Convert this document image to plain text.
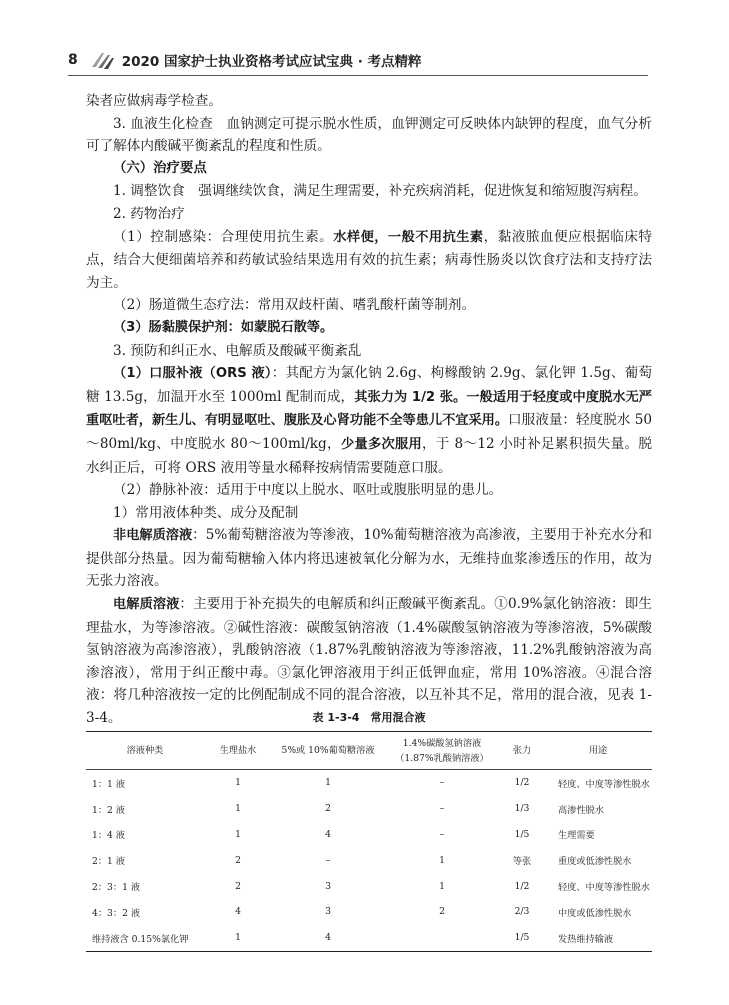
8	2020 国家护士执业资格考试应试宝典 · 考点精粹

染者应做病毒学检查。

3. 血液生化检查　血钠测定可提示脱水性质，血钾测定可反映体内缺钾的程度，血气分析可了解体内酸碱平衡紊乱的程度和性质。

（六）治疗要点

1. 调整饮食　强调继续饮食，满足生理需要，补充疾病消耗，促进恢复和缩短腹泻病程。

2. 药物治疗

（1）控制感染：合理使用抗生素。水样便，一般不用抗生素，黏液脓血便应根据临床特点，结合大便细菌培养和药敏试验结果选用有效的抗生素；病毒性肠炎以饮食疗法和支持疗法为主。

（2）肠道微生态疗法：常用双歧杆菌、嗜乳酸杆菌等制剂。

（3）肠黏膜保护剂：如蒙脱石散等。

3. 预防和纠正水、电解质及酸碱平衡紊乱

（1）口服补液（ORS 液）：其配方为氯化钠 2.6g、枸橼酸钠 2.9g、氯化钾 1.5g、葡萄糖 13.5g，加温开水至 1000ml 配制而成，其张力为 1/2 张。一般适用于轻度或中度脱水无严重呕吐者，新生儿、有明显呕吐、腹胀及心肾功能不全等患儿不宜采用。口服液量：轻度脱水 50～80ml/kg、中度脱水 80～100ml/kg，少量多次服用，于 8～12 小时补足累积损失量。脱水纠正后，可将 ORS 液用等量水稀释按病情需要随意口服。

（2）静脉补液：适用于中度以上脱水、呕吐或腹胀明显的患儿。

1）常用液体种类、成分及配制

非电解质溶液：5%葡萄糖溶液为等渗液，10%葡萄糖溶液为高渗液，主要用于补充水分和提供部分热量。因为葡萄糖输入体内将迅速被氧化分解为水，无维持血浆渗透压的作用，故为无张力溶液。

电解质溶液：主要用于补充损失的电解质和纠正酸碱平衡紊乱。①0.9%氯化钠溶液：即生理盐水，为等渗溶液。②碱性溶液：碳酸氢钠溶液（1.4%碳酸氢钠溶液为等渗溶液，5%碳酸氢钠溶液为高渗溶液），乳酸钠溶液（1.87%乳酸钠溶液为等渗溶液，11.2%乳酸钠溶液为高渗溶液），常用于纠正酸中毒。③氯化钾溶液用于纠正低钾血症，常用 10%溶液。④混合溶液：将几种溶液按一定的比例配制成不同的混合溶液，以互补其不足，常用的混合液，见表 1-3-4。	表 1-3-4　常用混合液
溶液种类	生理盐水	5%或 10%葡萄糖溶液	1.4%碳酸氢钠溶液
（1.87%乳酸钠溶液）	张力	用途
1：1 液	1	1	–	1/2	轻度、中度等渗性脱水
1：2 液	1	2	–	1/3	高渗性脱水
1：4 液	1	4	–	1/5	生理需要
2：1 液	2	–	1	等张	重度或低渗性脱水
2：3：1 液	2	3	1	1/2	轻度、中度等渗性脱水
4：3：2 液	4	3	2	2/3	中度或低渗性脱水
维持液含 0.15%氯化钾	1	4		1/5	发热维持输液
